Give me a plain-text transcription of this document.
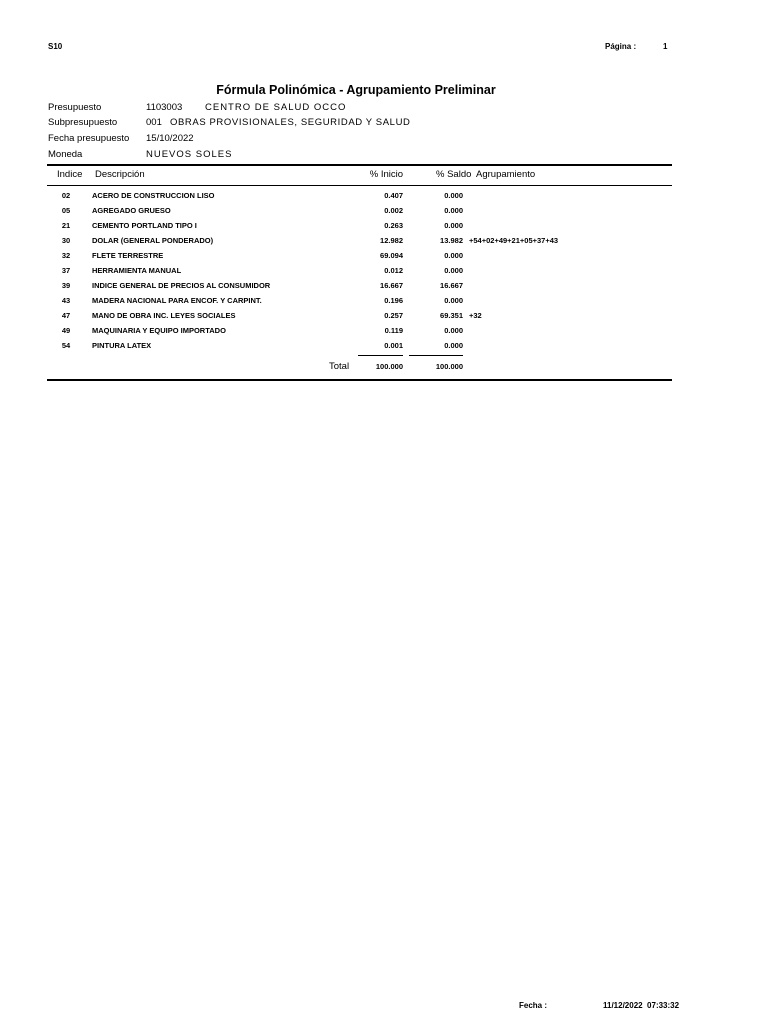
S10	Página :	1
Fórmula Polinómica - Agrupamiento Preliminar
Presupuesto	1103003 CENTRO DE SALUD OCCO
Subpresupuesto	001 OBRAS PROVISIONALES, SEGURIDAD Y SALUD
Fecha presupuesto 15/10/2022
Moneda	NUEVOS SOLES
Indice Descripción	% Inicio	% Saldo Agrupamiento
02	ACERO DE CONSTRUCCION LISO	0.407	0.000
05	AGREGADO GRUESO	0.002	0.000
21	CEMENTO PORTLAND TIPO I	0.263	0.000
30	DOLAR (GENERAL PONDERADO)	12.982	13.982 +54+02+49+21+05+37+43
32	FLETE TERRESTRE	69.094	0.000
37	HERRAMIENTA MANUAL	0.012	0.000
39	INDICE GENERAL DE PRECIOS AL CONSUMIDOR	16.667	16.667
43	MADERA NACIONAL PARA ENCOF. Y CARPINT.	0.196	0.000
47	MANO DE OBRA INC. LEYES SOCIALES	0.257	69.351 +32
49	MAQUINARIA Y EQUIPO IMPORTADO	0.119	0.000
54	PINTURA LATEX	0.001	0.000
Total	100.000	100.000
Fecha :	11/12/2022  07:33:32
